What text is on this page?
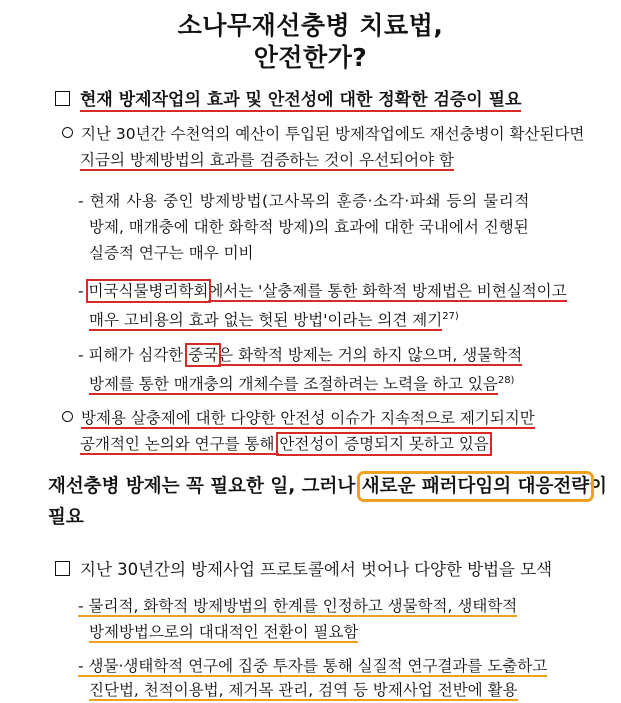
소나무재선충병 치료법,
안전한가?
현재 방제작업의 효과 및 안전성에 대한 정확한 검증이 필요
지난 30년간 수천억의 예산이 투입된 방제작업에도 재선충병이 확산된다면
지금의 방제방법의 효과를 검증하는 것이 우선되어야 함
- 현재 사용 중인 방제방법(고사목의 훈증·소각·파쇄 등의 물리적
방제, 매개충에 대한 화학적 방제)의 효과에 대한 국내에서 진행된
실증적 연구는 매우 미비
- 미국식물병리학회에서는 '살충제를 통한 화학적 방제법은 비현실적이고
매우 고비용의 효과 없는 헛된 방법'이라는 의견 제기$^{27)}$
- 피해가 심각한 중국은 화학적 방제는 거의 하지 않으며, 생물학적
방제를 통한 매개충의 개체수를 조절하려는 노력을 하고 있음$^{28)}$
방제용 살충제에 대한 다양한 안전성 이슈가 지속적으로 제기되지만
공개적인 논의와 연구를 통해 안전성이 증명되지 못하고 있음
재선충병 방제는 꼭 필요한 일, 그러나 새로운 패러다임의 대응전략이
필요
지난 30년간의 방제사업 프로토콜에서 벗어나 다양한 방법을 모색
- 물리적, 화학적 방제방법의 한계를 인정하고 생물학적, 생태학적
방제방법으로의 대대적인 전환이 필요함
- 생물·생태학적 연구에 집중 투자를 통해 실질적 연구결과를 도출하고
진단법, 천적이용법, 제거목 관리, 검역 등 방제사업 전반에 활용
